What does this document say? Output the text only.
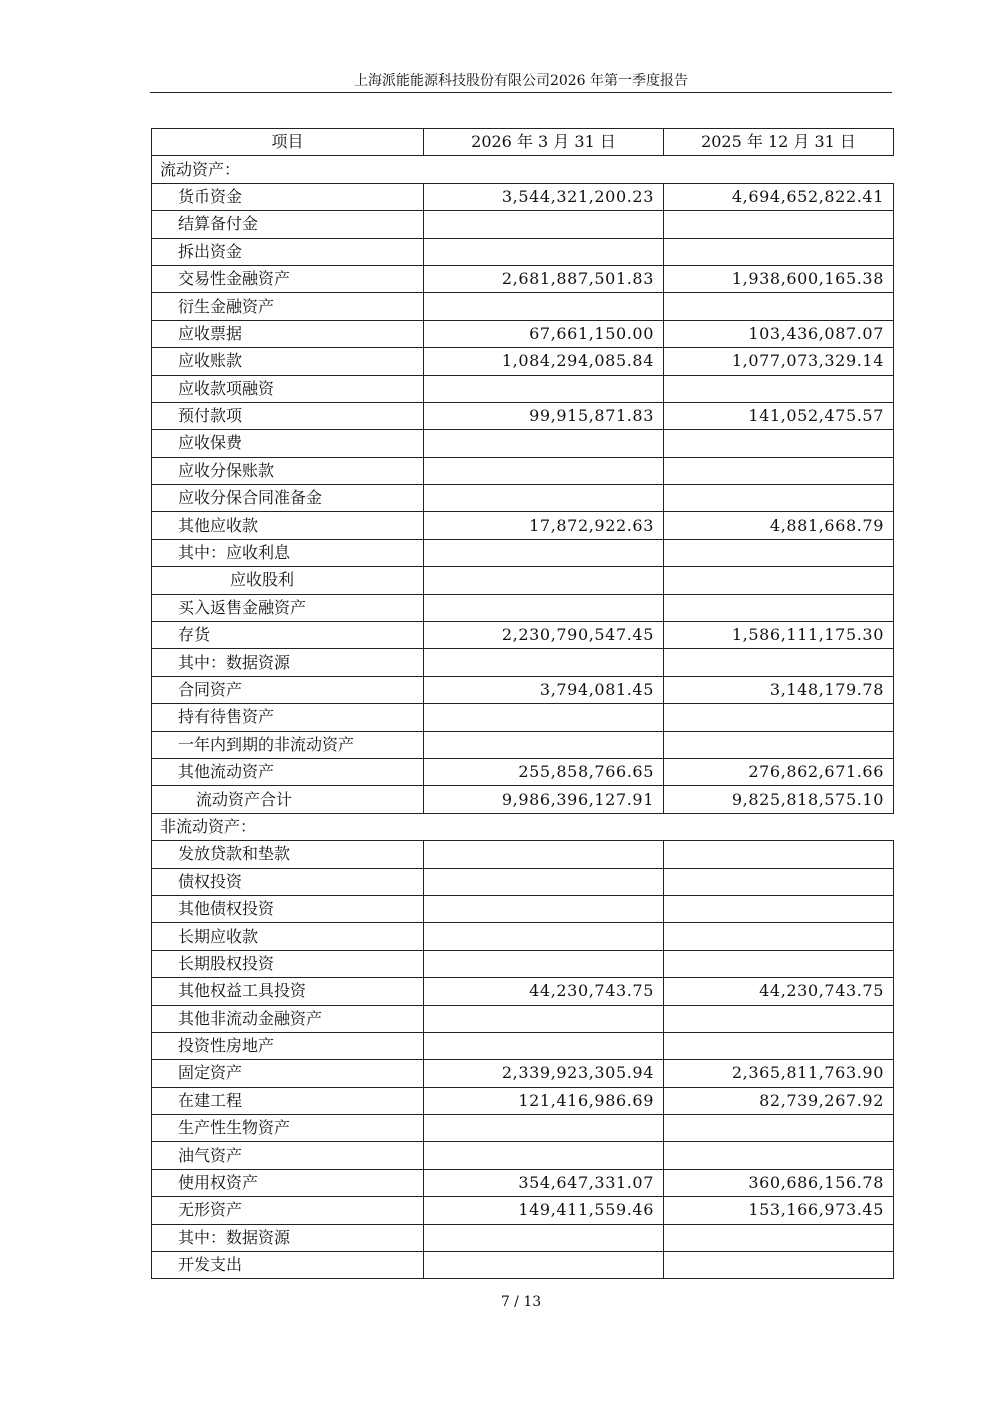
上海派能能源科技股份有限公司2026 年第一季度报告
项目	2026 年 3 月 31 日	2025 年 12 月 31 日
流动资产：		
货币资金	3,544,321,200.23	4,694,652,822.41
结算备付金		
拆出资金		
交易性金融资产	2,681,887,501.83	1,938,600,165.38
衍生金融资产		
应收票据	67,661,150.00	103,436,087.07
应收账款	1,084,294,085.84	1,077,073,329.14
应收款项融资		
预付款项	99,915,871.83	141,052,475.57
应收保费		
应收分保账款		
应收分保合同准备金		
其他应收款	17,872,922.63	4,881,668.79
其中：应收利息		
应收股利		
买入返售金融资产		
存货	2,230,790,547.45	1,586,111,175.30
其中：数据资源		
合同资产	3,794,081.45	3,148,179.78
持有待售资产		
一年内到期的非流动资产		
其他流动资产	255,858,766.65	276,862,671.66
流动资产合计	9,986,396,127.91	9,825,818,575.10
非流动资产：		
发放贷款和垫款		
债权投资		
其他债权投资		
长期应收款		
长期股权投资		
其他权益工具投资	44,230,743.75	44,230,743.75
其他非流动金融资产		
投资性房地产		
固定资产	2,339,923,305.94	2,365,811,763.90
在建工程	121,416,986.69	82,739,267.92
生产性生物资产		
油气资产		
使用权资产	354,647,331.07	360,686,156.78
无形资产	149,411,559.46	153,166,973.45
其中：数据资源		
开发支出		
7 / 13
